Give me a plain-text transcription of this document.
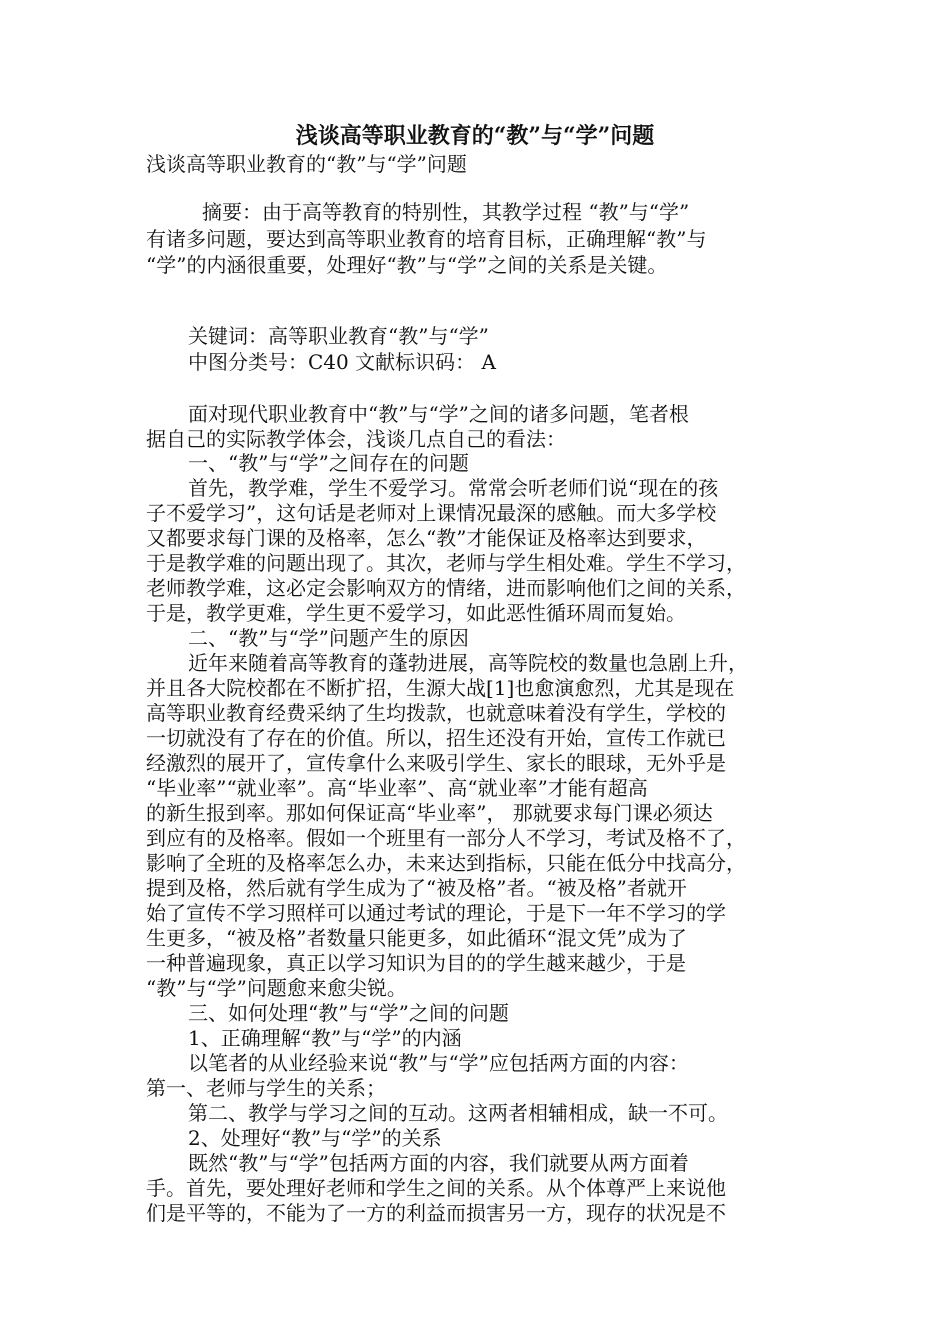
浅谈高等职业教育的“教”与“学”问题
浅谈高等职业教育的“教”与“学”问题
摘要：由于高等教育的特别性，其教学过程 “教”与“学”
有诸多问题，要达到高等职业教育的培育目标，正确理解“教”与
“学”的内涵很重要，处理好“教”与“学”之间的关系是关键。
关键词：高等职业教育“教”与“学”
中图分类号：C40 文献标识码： A
面对现代职业教育中“教”与“学”之间的诸多问题，笔者根
据自己的实际教学体会，浅谈几点自己的看法：
一、“教”与“学”之间存在的问题
首先，教学难，学生不爱学习。常常会听老师们说“现在的孩
子不爱学习”，这句话是老师对上课情况最深的感触。而大多学校
又都要求每门课的及格率，怎么“教”才能保证及格率达到要求，
于是教学难的问题出现了。其次，老师与学生相处难。学生不学习，
老师教学难，这必定会影响双方的情绪，进而影响他们之间的关系，
于是，教学更难，学生更不爱学习，如此恶性循环周而复始。
二、“教”与“学”问题产生的原因
近年来随着高等教育的蓬勃进展，高等院校的数量也急剧上升，
并且各大院校都在不断扩招，生源大战[1]也愈演愈烈，尤其是现在
高等职业教育经费采纳了生均拨款，也就意味着没有学生，学校的
一切就没有了存在的价值。所以，招生还没有开始，宣传工作就已
经激烈的展开了，宣传拿什么来吸引学生、家长的眼球，无外乎是
“毕业率”“就业率”。高“毕业率”、高“就业率”才能有超高
的新生报到率。那如何保证高“毕业率”， 那就要求每门课必须达
到应有的及格率。假如一个班里有一部分人不学习，考试及格不了，
影响了全班的及格率怎么办，未来达到指标，只能在低分中找高分，
提到及格，然后就有学生成为了“被及格”者。“被及格”者就开
始了宣传不学习照样可以通过考试的理论，于是下一年不学习的学
生更多，“被及格”者数量只能更多，如此循环“混文凭”成为了
一种普遍现象，真正以学习知识为目的的学生越来越少，于是
“教”与“学”问题愈来愈尖锐。
三、如何处理“教”与“学”之间的问题
1、正确理解“教”与“学”的内涵
以笔者的从业经验来说“教”与“学”应包括两方面的内容：
第一、老师与学生的关系；
第二、教学与学习之间的互动。这两者相辅相成，缺一不可。
2、处理好“教”与“学”的关系
既然“教”与“学”包括两方面的内容，我们就要从两方面着
手。首先，要处理好老师和学生之间的关系。从个体尊严上来说他
们是平等的，不能为了一方的利益而损害另一方，现存的状况是不
